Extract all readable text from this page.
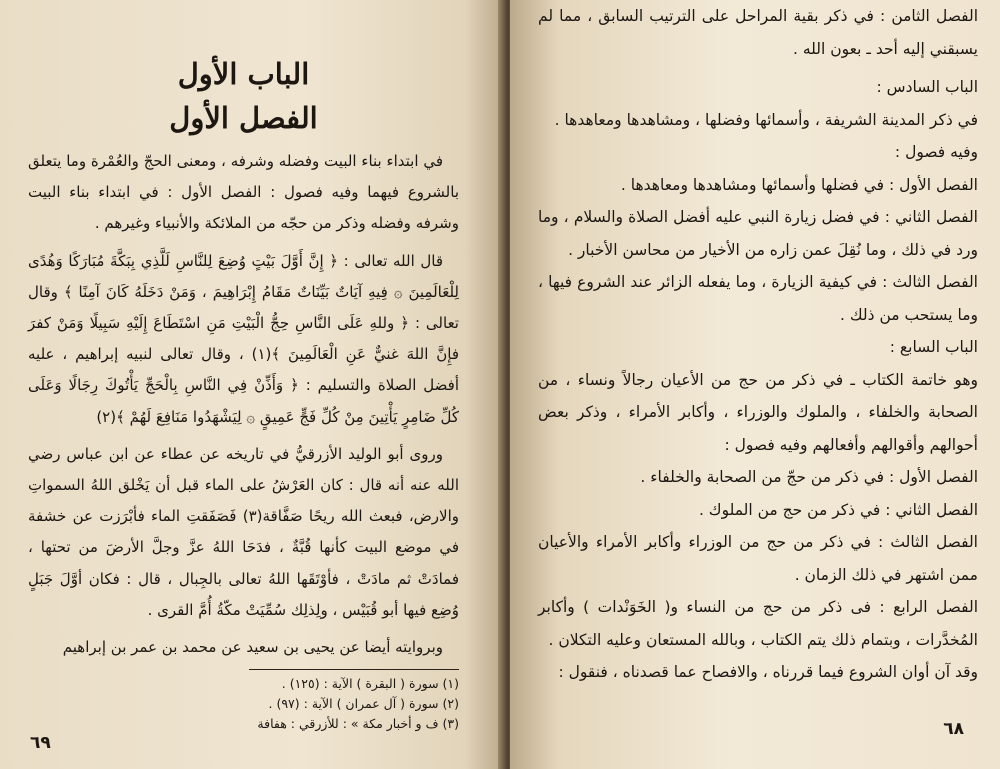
الباب الأول
الفصل الأول

في ابتداء بناء البيت وفضله وشرفه ، ومعنى الحجّ والعُمْرة وما يتعلق بالشروع فيهما وفيه فصول : الفصل الأول : في ابتداء بناء البيت وشرفه وفضله وذكر من حجّه من الملائكة والأنبياء وغيرهم .

قال الله تعالى : ﴿ إِنَّ أَوَّلَ بَيْتٍ وُضِعَ لِلنَّاسِ لَلَّذِي بِبَكَّةَ مُبَارَكًا وَهُدًى لِلْعَالَمِينَ ۞ فِيهِ آيَاتٌ بَيِّنَاتٌ مَقَامُ إِبْرَاهِيمَ ، وَمَنْ دَخَلَهُ كَانَ آمِنًا ﴾ وقال تعالى : ﴿ وللهِ عَلَى النَّاسِ حِجُّ الْبَيْتِ مَنِ اسْتَطَاعَ إِلَيْهِ سَبِيلًا وَمَنْ كفرَ فإِنَّ اللهَ غنيٌّ عَنِ الْعَالَمِينَ ﴾(١) ، وقال تعالى لنبيه إبراهيم ، عليه أفضل الصلاة والتسليم : ﴿ وَأَذِّنْ فِي النَّاسِ بِالْحَجِّ يَأْتُوكَ رِجَالًا وَعَلَى كُلِّ ضَامِرٍ يَأْتِينَ مِنْ كُلِّ فَجٍّ عَمِيقٍ ۞ لِيَشْهَدُوا مَنَافِعَ لَهُمْ ﴾(٢)

وروى أبو الوليد الأزرقيُّ في تاريخه عن عطاء عن ابن عباس رضي الله عنه أنه قال : كان العَرْشُ على الماء قبل أن يَخْلق اللهُ السمواتِ والارض، فبعث الله ريحًا صَفَّاقة(٣) فَصَفَقتِ الماء فأبْرَزت عن خشفة في موضع البيت كأنها قُبَّةٌ ، فدَحَا اللهُ عزَّ وجلَّ الأرضَ من تحتها ، فمادَتْ ثم مادَتْ ، فأوْتَقَها اللهُ تعالى بالجِبال ، قال : فكان أوَّلَ جَبَلٍ وُضِع فيها أبو قُبَيْس ، ولِذلِك سُمِّيَتْ مكّةُ أُمَّ القرى .

وبروايته أيضا عن يحيى بن سعيد عن محمد بن عمر بن إبراهيم

(١) سورة ( البقرة ) الآية : (١٢٥) .
(٢) سورة ( آل عمران ) الآية : (٩٧) .
(٣) ف و أخبار مكة » : للأزرقي : هفافة
٦٩

الفصل الثامن : في ذكر بقية المراحل على الترتيب السابق ، مما لم يسبقني إليه أحد ـ بعون الله .

الباب السادس :

في ذكر المدينة الشريفة ، وأسمائها وفضلها ، ومشاهدها ومعاهدها .

وفيه فصول :

الفصل الأول : في فضلها وأسمائها ومشاهدها ومعاهدها .

الفصل الثاني : في فضل زيارة النبي عليه أفضل الصلاة والسلام ، وما ورد في ذلك ، وما نُقِلَ عمن زاره من الأخيار من محاسن الأخبار .

الفصل الثالث : في كيفية الزيارة ، وما يفعله الزائر عند الشروع فيها ، وما يستحب من ذلك .

الباب السابع :

وهو خاتمة الكتاب ـ في ذكر من حج من الأعيان رجالاً ونساء ، من الصحابة والخلفاء ، والملوك والوزراء ، وأكابر الأمراء ، وذكر بعض أحوالهم وأقوالهم وأفعالهم وفيه فصول :

الفصل الأول : في ذكر من حجّ من الصحابة والخلفاء .

الفصل الثاني : في ذكر من حج من الملوك .

الفصل الثالث : في ذكر من حج من الوزراء وأكابر الأمراء والأعيان ممن اشتهر في ذلك الزمان .

الفصل الرابع : فى ذكر من حج من النساء و( الخَوَنْدات ) وأكابر المُخدَّرات ، وبتمام ذلك يتم الكتاب ، وبالله المستعان وعليه التكلان .

وقد آن أوان الشروع فيما قررناه ، والافصاح عما قصدناه ، فنقول :

٦٨
